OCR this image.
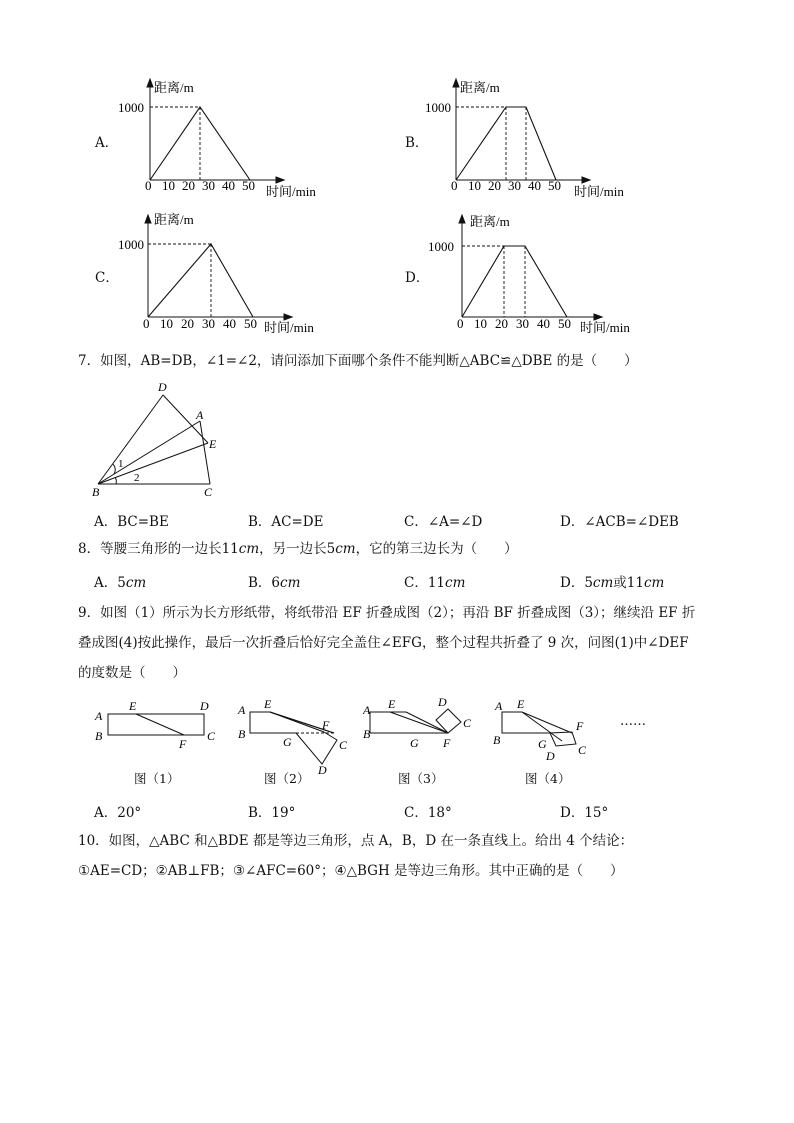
A．	B．
C．	D．
距离/m
时间/min
1000
0 10 20 30 40 50
距离/m
时间/min
1000
0 10 20 30 40 50
距离/m
时间/min
1000
0 10 20 30 40 50
距离/m
时间/min
1000
0 10 20 30 40 50
7．如图，AB=DB，∠1=∠2，请问添加下面哪个条件不能判断△ABC≌△DBE 的是（　　）
D
A
E
B	C
1
2
A．BC=BE	B．AC=DE	C．∠A=∠D	D．∠ACB=∠DEB
8．等腰三角形的一边长11cm，另一边长5cm，它的第三边长为（　　）
A．5cm	B．6cm	C．11cm	D．5cm或11cm
9．如图（1）所示为长方形纸带，将纸带沿 EF 折叠成图（2）；再沿 BF 折叠成图（3）；继续沿 EF 折
叠成图(4)按此操作，最后一次折叠后恰好完全盖住∠EFG，整个过程共折叠了 9 次，问图(1)中∠DEF
的度数是（　　）
A
E	D
B
F
C
A E
B
G
F
C
D
A E	D
C
B
G F
A E
F
B	G
D C
……
图（1）	图（2）	图（3）	图（4）
A．20°	B．19°	C．18°	D．15°
10．如图，△ABC 和△BDE 都是等边三角形，点 A，B，D 在一条直线上。给出 4 个结论：
①AE=CD；②AB⊥FB；③∠AFC=60°；④△BGH 是等边三角形。其中正确的是（　　）
